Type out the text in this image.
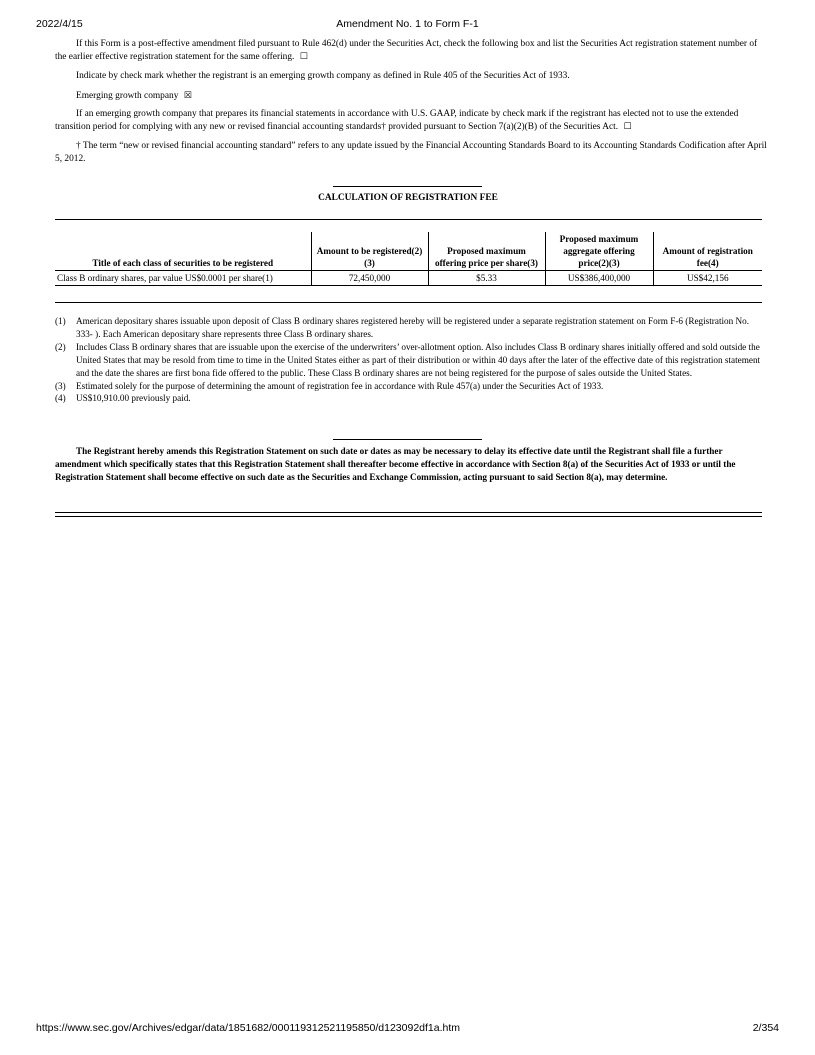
2022/4/15	Amendment No. 1 to Form F-1

If this Form is a post-effective amendment filed pursuant to Rule 462(d) under the Securities Act, check the following box and list the Securities Act registration statement number of the earlier effective registration statement for the same offering. ☐

Indicate by check mark whether the registrant is an emerging growth company as defined in Rule 405 of the Securities Act of 1933.

Emerging growth company ☒

If an emerging growth company that prepares its financial statements in accordance with U.S. GAAP, indicate by check mark if the registrant has elected not to use the extended transition period for complying with any new or revised financial accounting standards† provided pursuant to Section 7(a)(2)(B) of the Securities Act. ☐

† The term “new or revised financial accounting standard” refers to any update issued by the Financial Accounting Standards Board to its Accounting Standards Codification after April 5, 2012.

CALCULATION OF REGISTRATION FEE
Title of each class of securities to be registered	Amount to be registered(2)(3)	Proposed maximum offering price per share(3)	Proposed maximum aggregate offering price(2)(3)	Amount of registration fee(4)
Class B ordinary shares, par value US$0.0001 per share(1)	72,450,000	$5.33	US$386,400,000	US$42,156
(1)	American depositary shares issuable upon deposit of Class B ordinary shares registered hereby will be registered under a separate registration statement on Form F-6 (Registration No. 333- ). Each American depositary share represents three Class B ordinary shares.
(2)	Includes Class B ordinary shares that are issuable upon the exercise of the underwriters’ over-allotment option. Also includes Class B ordinary shares initially offered and sold outside the United States that may be resold from time to time in the United States either as part of their distribution or within 40 days after the later of the effective date of this registration statement and the date the shares are first bona fide offered to the public. These Class B ordinary shares are not being registered for the purpose of sales outside the United States.
(3)	Estimated solely for the purpose of determining the amount of registration fee in accordance with Rule 457(a) under the Securities Act of 1933.
(4)	US$10,910.00 previously paid.

The Registrant hereby amends this Registration Statement on such date or dates as may be necessary to delay its effective date until the Registrant shall file a further amendment which specifically states that this Registration Statement shall thereafter become effective in accordance with Section 8(a) of the Securities Act of 1933 or until the Registration Statement shall become effective on such date as the Securities and Exchange Commission, acting pursuant to said Section 8(a), may determine.

https://www.sec.gov/Archives/edgar/data/1851682/000119312521195850/d123092df1a.htm	2/354
